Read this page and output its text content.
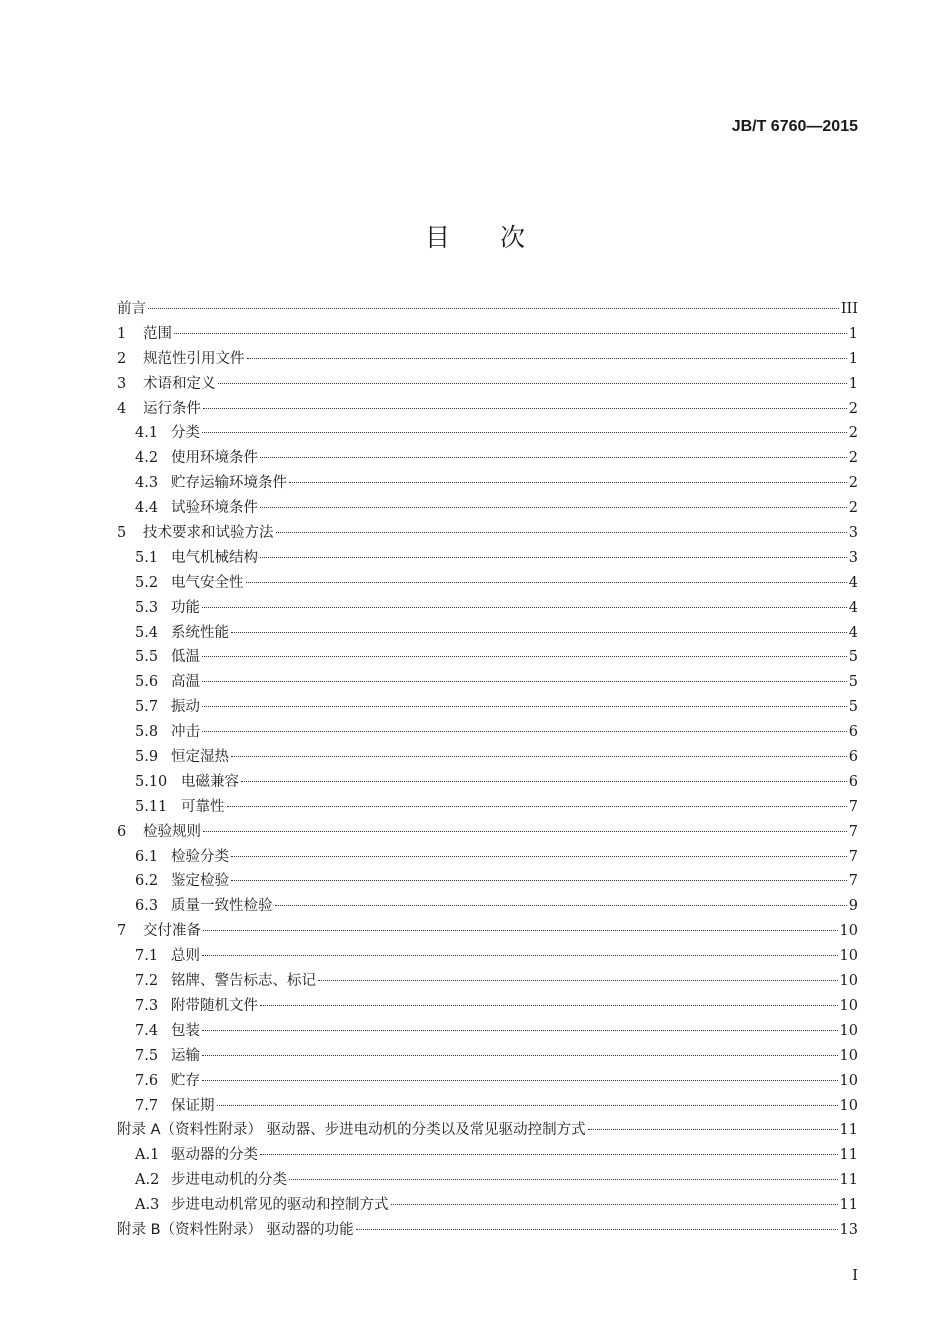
JB/T 6760—2015
目次
前言	III
1	范围	1
2	规范性引用文件	1
3	术语和定义	1
4	运行条件	2
4.1 分类	2
4.2 使用环境条件	2
4.3 贮存运输环境条件	2
4.4 试验环境条件	2
5	技术要求和试验方法	3
5.1 电气机械结构	3
5.2 电气安全性	4
5.3 功能	4
5.4 系统性能	4
5.5 低温	5
5.6 高温	5
5.7 振动	5
5.8 冲击	6
5.9 恒定湿热	6
5.10 电磁兼容	6
5.11 可靠性	7
6	检验规则	7
6.1 检验分类	7
6.2 鉴定检验	7
6.3 质量一致性检验	9
7	交付准备	10
7.1 总则	10
7.2 铭牌、警告标志、标记	10
7.3 附带随机文件	10
7.4 包装	10
7.5 运输	10
7.6 贮存	10
7.7 保证期	10
附录 A（资料性附录） 驱动器、步进电动机的分类以及常见驱动控制方式	11
A.1 驱动器的分类	11
A.2 步进电动机的分类	11
A.3 步进电动机常见的驱动和控制方式	11
附录 B（资料性附录） 驱动器的功能	13
I
